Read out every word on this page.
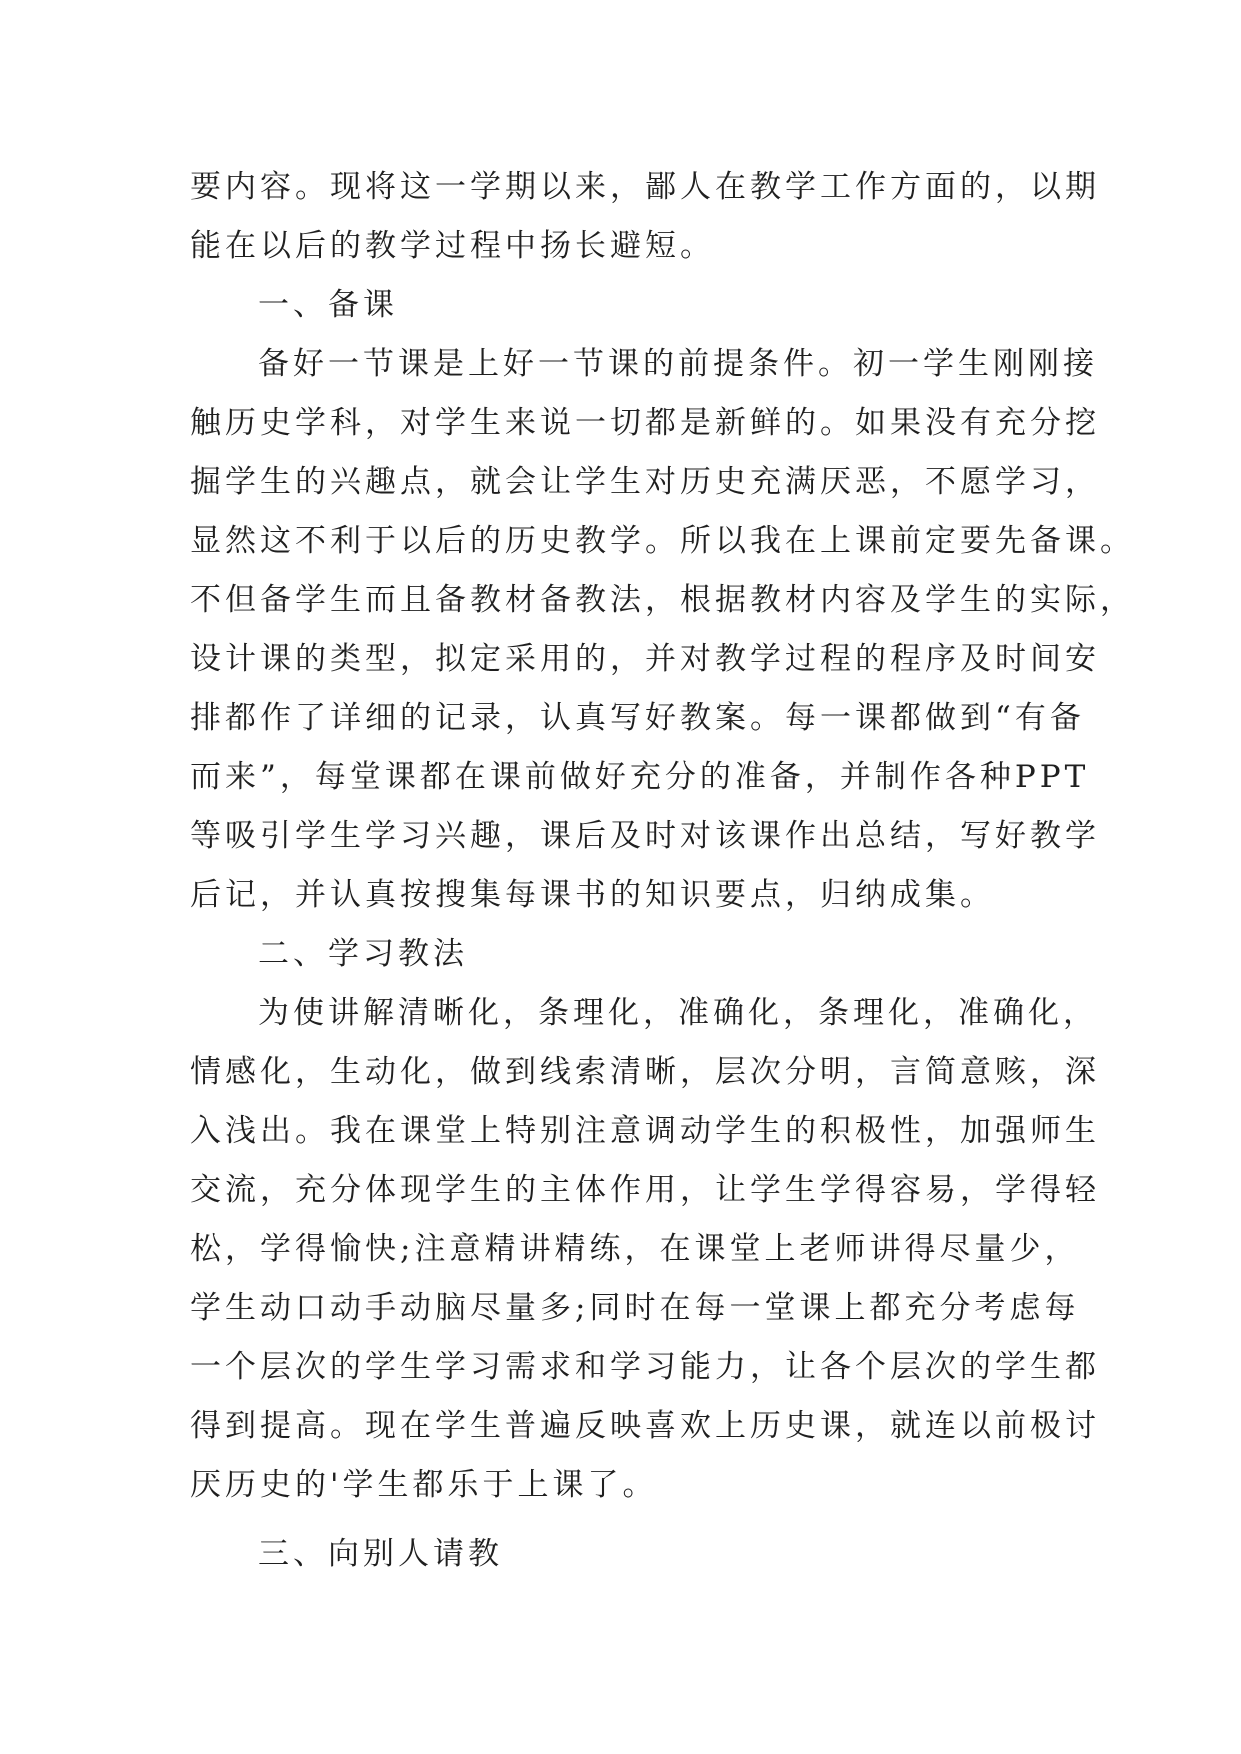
要内容。现将这一学期以来，鄙人在教学工作方面的，以期
能在以后的教学过程中扬长避短。
一、备课
备好一节课是上好一节课的前提条件。初一学生刚刚接
触历史学科，对学生来说一切都是新鲜的。如果没有充分挖
掘学生的兴趣点，就会让学生对历史充满厌恶，不愿学习，
显然这不利于以后的历史教学。所以我在上课前定要先备课。
不但备学生而且备教材备教法，根据教材内容及学生的实际，
设计课的类型，拟定采用的，并对教学过程的程序及时间安
排都作了详细的记录，认真写好教案。每一课都做到“有备
而来”，每堂课都在课前做好充分的准备，并制作各种PPT
等吸引学生学习兴趣，课后及时对该课作出总结，写好教学
后记，并认真按搜集每课书的知识要点，归纳成集。
二、学习教法
为使讲解清晰化，条理化，准确化，条理化，准确化，
情感化，生动化，做到线索清晰，层次分明，言简意赅，深
入浅出。我在课堂上特别注意调动学生的积极性，加强师生
交流，充分体现学生的主体作用，让学生学得容易，学得轻
松，学得愉快;注意精讲精练，在课堂上老师讲得尽量少，
学生动口动手动脑尽量多;同时在每一堂课上都充分考虑每
一个层次的学生学习需求和学习能力，让各个层次的学生都
得到提高。现在学生普遍反映喜欢上历史课，就连以前极讨
厌历史的'学生都乐于上课了。
三、向别人请教
